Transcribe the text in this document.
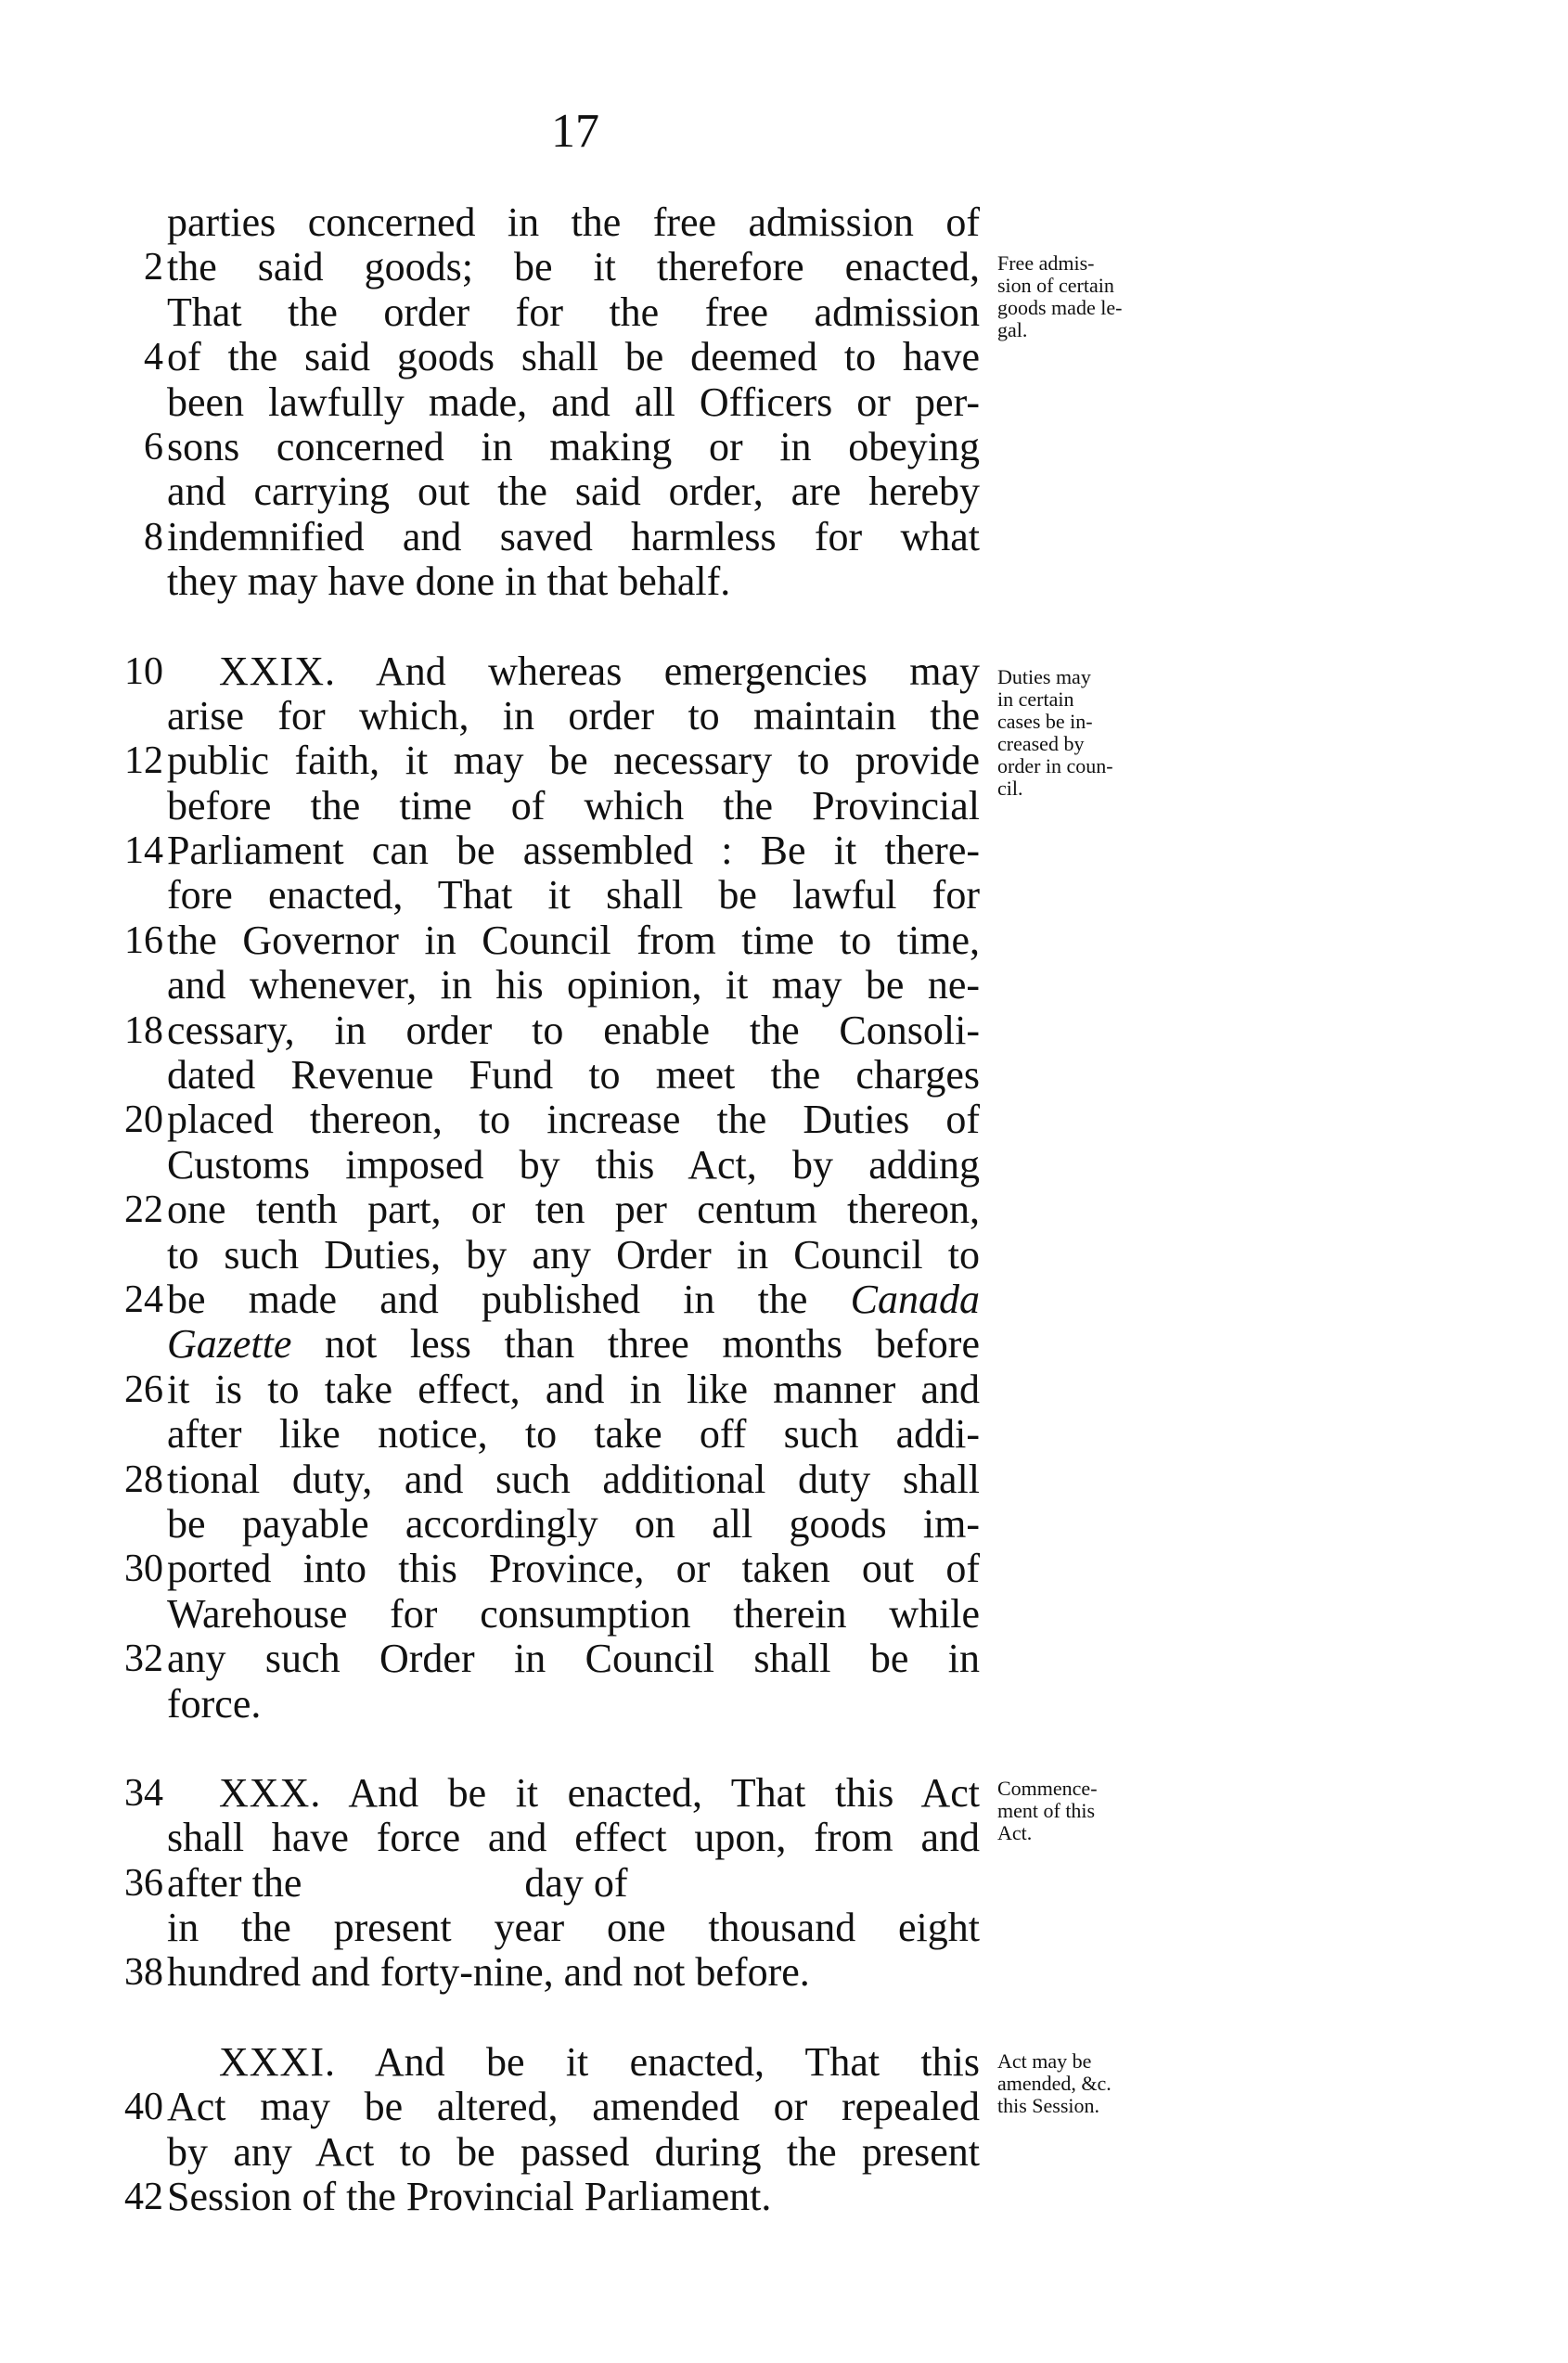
17
parties concerned in the free admission of
2 the said goods; be it therefore enacted,
That the order for the free admission
4 of the said goods shall be deemed to have
been lawfully made, and all Officers or per-
6 sons concerned in making or in obeying
and carrying out the said order, are hereby
8 indemnified and saved harmless for what
they may have done in that behalf.
10	XXIX. And whereas emergencies may
arise for which, in order to maintain the
12 public faith, it may be necessary to provide
before the time of which the Provincial
14 Parliament can be assembled : Be it there-
fore enacted, That it shall be lawful for
16 the Governor in Council from time to time,
and whenever, in his opinion, it may be ne-
18 cessary, in order to enable the Consoli-
dated Revenue Fund to meet the charges
20 placed thereon, to increase the Duties of
Customs imposed by this Act, by adding
22 one tenth part, or ten per centum thereon,
to such Duties, by any Order in Council to
24 be made and published in the Canada
Gazette not less than three months before
26 it is to take effect, and in like manner and
after like notice, to take off such addi-
28 tional duty, and such additional duty shall
be payable accordingly on all goods im-
30 ported into this Province, or taken out of
Warehouse for consumption therein while
32 any such Order in Council shall be in
force.
34	XXX. And be it enacted, That this Act
shall have force and effect upon, from and
36 after the	day of
in the present year one thousand eight
38 hundred and forty-nine, and not before.
XXXI. And be it enacted, That this
40 Act may be altered, amended or repealed
by any Act to be passed during the present
42 Session of the Provincial Parliament.
Free admis-
sion of certain
goods made le-
gal.
Duties may
in certain
cases be in-
creased by
order in coun-
cil.
Commence-
ment of this
Act.
Act may be
amended, &c.
this Session.
